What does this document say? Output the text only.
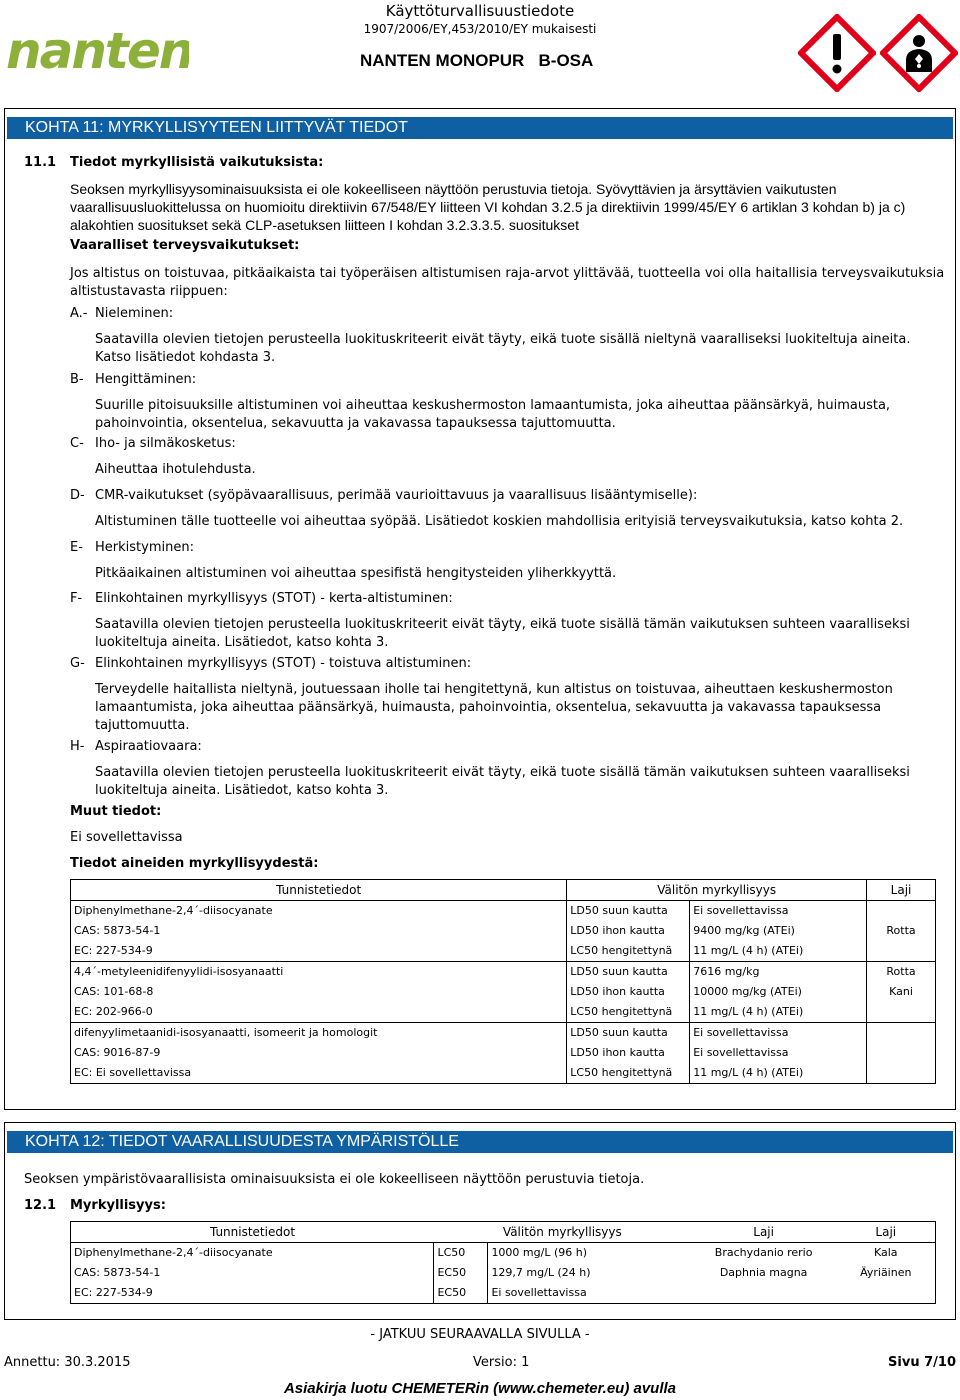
nanten
Käyttöturvallisuustiedote
1907/2006/EY,453/2010/EY mukaisesti
NANTEN MONOPUR   B-OSA
KOHTA 11: MYRKYLLISYYTEEN LIITTYVÄT TIEDOT
11.1 Tiedot myrkyllisistä vaikutuksista:
Seoksen myrkyllisyysominaisuuksista ei ole kokeelliseen näyttöön perustuvia tietoja. Syövyttävien ja ärsyttävien vaikutusten vaarallisuusluokittelussa on huomioitu direktiivin 67/548/EY liitteen VI kohdan 3.2.5 ja direktiivin 1999/45/EY 6 artiklan 3 kohdan b) ja c) alakohtien suositukset sekä CLP-asetuksen liitteen I kohdan 3.2.3.3.5. suositukset
Vaaralliset terveysvaikutukset:
Jos altistus on toistuvaa, pitkäaikaista tai työperäisen altistumisen raja-arvot ylittävää, tuotteella voi olla haitallisia terveysvaikutuksia altistustavasta riippuen:
A.- Nieleminen:
Saatavilla olevien tietojen perusteella luokituskriteerit eivät täyty, eikä tuote sisällä nieltynä vaaralliseksi luokiteltuja aineita. Katso lisätiedot kohdasta 3.
B- Hengittäminen:
Suurille pitoisuuksille altistuminen voi aiheuttaa keskushermoston lamaantumista, joka aiheuttaa päänsärkyä, huimausta, pahoinvointia, oksentelua, sekavuutta ja vakavassa tapauksessa tajuttomuutta.
C- Iho- ja silmäkosketus:
Aiheuttaa ihotulehdusta.
D- CMR-vaikutukset (syöpävaarallisuus, perimää vaurioittavuus ja vaarallisuus lisääntymiselle):
Altistuminen tälle tuotteelle voi aiheuttaa syöpää. Lisätiedot koskien mahdollisia erityisiä terveysvaikutuksia, katso kohta 2.
E- Herkistyminen:
Pitkäaikainen altistuminen voi aiheuttaa spesifistä hengitysteiden yliherkkyyttä.
F- Elinkohtainen myrkyllisyys (STOT) - kerta-altistuminen:
Saatavilla olevien tietojen perusteella luokituskriteerit eivät täyty, eikä tuote sisällä tämän vaikutuksen suhteen vaaralliseksi luokiteltuja aineita. Lisätiedot, katso kohta 3.
G- Elinkohtainen myrkyllisyys (STOT) - toistuva altistuminen:
Terveydelle haitallista nieltynä, joutuessaan iholle tai hengitettynä, kun altistus on toistuvaa, aiheuttaen keskushermoston lamaantumista, joka aiheuttaa päänsärkyä, huimausta, pahoinvointia, oksentelua, sekavuutta ja vakavassa tapauksessa tajuttomuutta.
H- Aspiraatiovaara:
Saatavilla olevien tietojen perusteella luokituskriteerit eivät täyty, eikä tuote sisällä tämän vaikutuksen suhteen vaaralliseksi luokiteltuja aineita. Lisätiedot, katso kohta 3.
Muut tiedot:
Ei sovellettavissa
Tiedot aineiden myrkyllisyydestä:
Tunnistetiedot	Välitön myrkyllisyys		Laji
Diphenylmethane-2,4´-diisocyanate	LD50 suun kautta	Ei sovellettavissa	
CAS: 5873-54-1	LD50 ihon kautta	9400 mg/kg (ATEi)	Rotta
EC: 227-534-9	LC50 hengitettynä	11 mg/L (4 h) (ATEi)	
4,4´-metyleenidifenyylidi-isosyanaatti	LD50 suun kautta	7616 mg/kg	Rotta
CAS: 101-68-8	LD50 ihon kautta	10000 mg/kg (ATEi)	Kani
EC: 202-966-0	LC50 hengitettynä	11 mg/L (4 h) (ATEi)	
difenyylimetaanidi-isosyanaatti, isomeerit ja homologit	LD50 suun kautta	Ei sovellettavissa	
CAS: 9016-87-9	LD50 ihon kautta	Ei sovellettavissa	
EC: Ei sovellettavissa	LC50 hengitettynä	11 mg/L (4 h) (ATEi)	
KOHTA 12: TIEDOT VAARALLISUUDESTA YMPÄRISTÖLLE
Seoksen ympäristövaarallisista ominaisuuksista ei ole kokeelliseen näyttöön perustuvia tietoja.
12.1 Myrkyllisyys:
Tunnistetiedot	Välitön myrkyllisyys		Laji	Laji
Diphenylmethane-2,4´-diisocyanate	LC50	1000 mg/L (96 h)	Brachydanio rerio	Kala
CAS: 5873-54-1	EC50	129,7 mg/L (24 h)	Daphnia magna	Äyriäinen
EC: 227-534-9	EC50	Ei sovellettavissa		
- JATKUU SEURAAVALLA SIVULLA -
Annettu: 30.3.2015	Versio: 1	Sivu 7/10
Asiakirja luotu CHEMETERin (www.chemeter.eu) avulla
